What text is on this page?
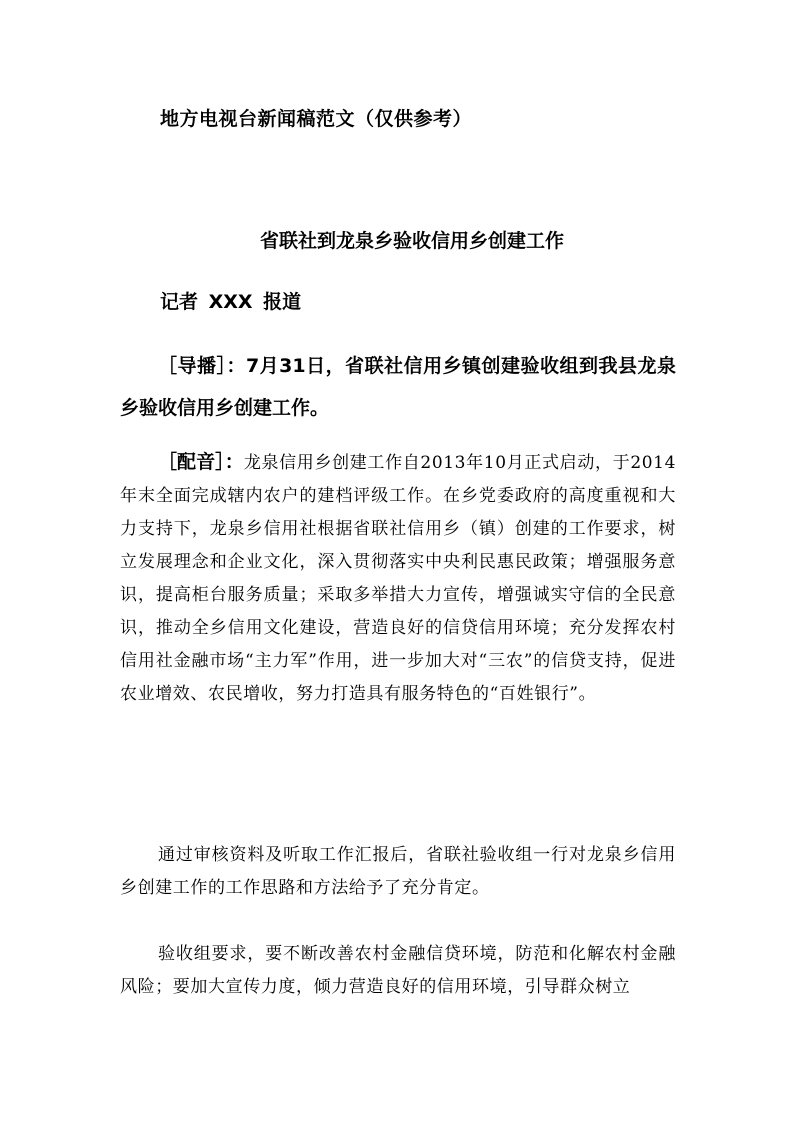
地方电视台新闻稿范文（仅供参考）
省联社到龙泉乡验收信用乡创建工作
记者 XXX 报道
［导播］：7月31日，省联社信用乡镇创建验收组到我县龙泉乡验收信用乡创建工作。
［配音］：龙泉信用乡创建工作自2013年10月正式启动，于2014年末全面完成辖内农户的建档评级工作。在乡党委政府的高度重视和大力支持下，龙泉乡信用社根据省联社信用乡（镇）创建的工作要求，树立发展理念和企业文化，深入贯彻落实中央利民惠民政策；增强服务意识，提高柜台服务质量；采取多举措大力宣传，增强诚实守信的全民意识，推动全乡信用文化建设，营造良好的信贷信用环境；充分发挥农村信用社金融市场“主力军”作用，进一步加大对“三农”的信贷支持，促进农业增效、农民增收，努力打造具有服务特色的“百姓银行”。
通过审核资料及听取工作汇报后，省联社验收组一行对龙泉乡信用乡创建工作的工作思路和方法给予了充分肯定。
验收组要求，要不断改善农村金融信贷环境，防范和化解农村金融风险；要加大宣传力度，倾力营造良好的信用环境，引导群众树立
